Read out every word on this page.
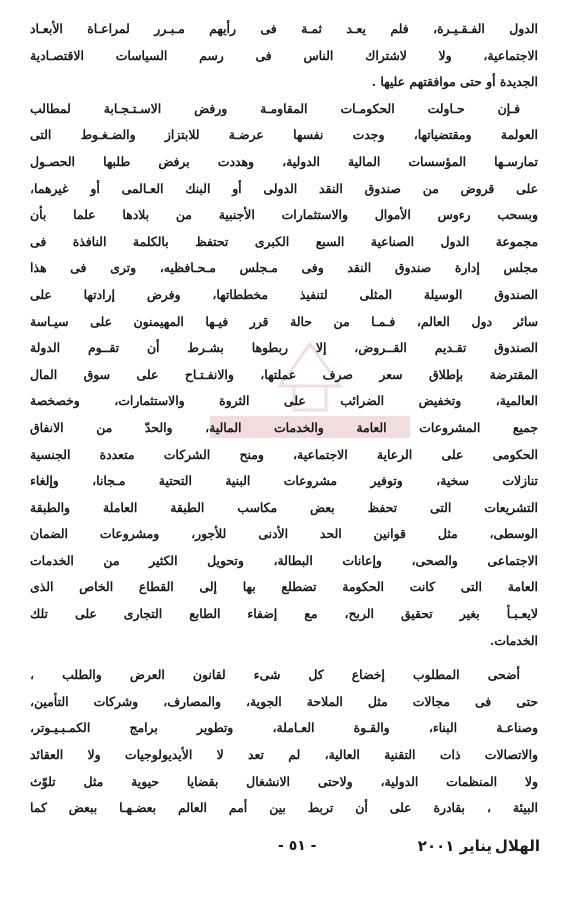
الدول الفـقـيـرة، فلم يعـد ثمـة فى رأيهم مـبـرر لمراعـاة الأبعـاد
الاجتماعية، ولا لاشتراك الناس فى رسم السياسات الاقتصـادية
الجديدة أو حتى موافقتهم عليها .
فـإن حـاولت الحكومـات المقاومـة ورفض الاسـتـجـابة لمطالب
العولمة ومقتضياتها، وجدت نفسها عرضـة للابتزاز والضـغـوط التى
تمارسـها المؤسسات المالية الدولية، وهددت برفض طلبها الحصـول
على قروض من صندوق النقد الدولى أو البنك العـالمى أو غيرهما،
وبسحب رءوس الأموال والاستثمارات الأجنبية من بلادها علما بأن
مجموعة الدول الصناعية السبع الكبرى تحتفظ بالكلمة النافذة فى
مجلس إدارة صندوق النقد وفى مـجلس مـحـافظيه، وترى فى هذا
الصندوق الوسيلة المثلى لتنفيذ مخططاتها، وفرض إرادتها على
سائر دول العالم، فـمـا من حالة قرر فيـها المهيمنون على سيـاسة
الصندوق تقـديم القــروض، إلا ربطوها بشـرط أن تقــوم الدولة
المقترضة بإطلاق سعر صرف عملتها، والانفـتـاح على سوق المال
العالمية، وتخفيض الضرائب على الثروة والاستثمارات، وخصخصة
جميع المشروعات العامة والخدمات المالية، والحدّ من الانفاق
الحكومى على الرعاية الاجتماعية، ومنح الشركات متعددة الجنسية
تنازلات سخية، وتوفير مشروعات البنية التحتية مـجانا، وإلغاء
التشريعات التى تحفظ بعض مكاسب الطبقة العاملة والطبقة
الوسطى، مثل قوانين الحد الأدنى للأجور، ومشروعات الضمان
الاجتماعى والصحى، وإعانات البطالة، وتحويل الكثير من الخدمات
العامة التى كانت الحكومة تضطلع بها إلى القطاع الخاص الذى
لايعـبـأ بغير تحقيق الربح، مع إضفاء الطابع التجارى على تلك
الخدمات.
أضحى المطلوب إخضاع كل شىء لقانون العرض والطلب ،
حتى فى مجالات مثل الملاحة الجوية، والمصارف، وشركات التأمين،
وصناعـة البناء، والقـوة العـاملة، وتطوير برامج الكمـبـيـوتر،
والاتصالات ذات التقنية العالية، لم تعد لا الأيديولوجيات ولا العقائد
ولا المنظمات الدولية، ولاحتى الانشغال بقضايا حيوية مثل تلوّث
البيئة ، بقادرة على أن تربط بين أمم العالم بعضـهـا ببعض كما
الهلال
يناير ٢٠٠١
- ٥١ -
